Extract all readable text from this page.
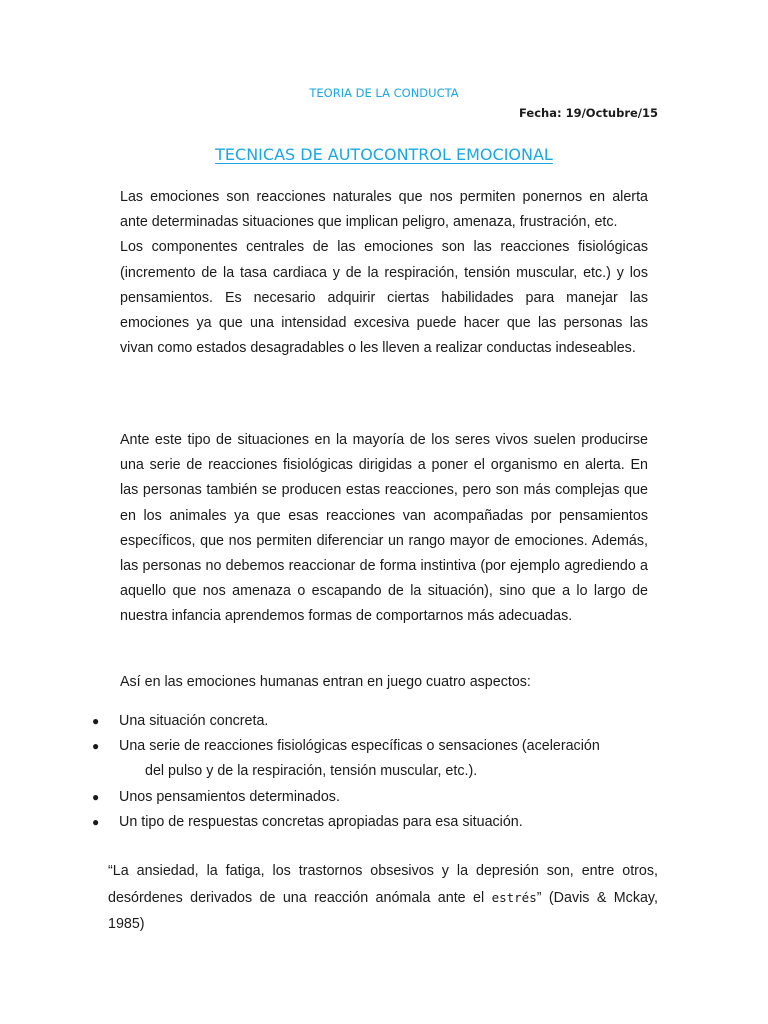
TEORIA DE LA CONDUCTA
Fecha: 19/Octubre/15
TECNICAS DE AUTOCONTROL EMOCIONAL

Las emociones son reacciones naturales que nos permiten ponernos en alerta ante determinadas situaciones que implican peligro, amenaza, frustración, etc.

Los componentes centrales de las emociones son las reacciones fisiológicas (incremento de la tasa cardiaca y de la respiración, tensión muscular, etc.) y los pensamientos. Es necesario adquirir ciertas habilidades para manejar las emociones ya que una intensidad excesiva puede hacer que las personas las vivan como estados desagradables o les lleven a realizar conductas indeseables.

Ante este tipo de situaciones en la mayoría de los seres vivos suelen producirse una serie de reacciones fisiológicas dirigidas a poner el organismo en alerta. En las personas también se producen estas reacciones, pero son más complejas que en los animales ya que esas reacciones van acompañadas por pensamientos específicos, que nos permiten diferenciar un rango mayor de emociones. Además, las personas no debemos reaccionar de forma instintiva (por ejemplo agrediendo a aquello que nos amenaza o escapando de la situación), sino que a lo largo de nuestra infancia aprendemos formas de comportarnos más adecuadas.

Así en las emociones humanas entran en juego cuatro aspectos:

● Una situación concreta.
● Una serie de reacciones fisiológicas específicas o sensaciones (aceleración
del pulso y de la respiración, tensión muscular, etc.).
● Unos pensamientos determinados.
● Un tipo de respuestas concretas apropiadas para esa situación.
“La ansiedad, la fatiga, los trastornos obsesivos y la depresión son, entre otros, desórdenes derivados de una reacción anómala ante el estrés” (Davis & Mckay, 1985)
